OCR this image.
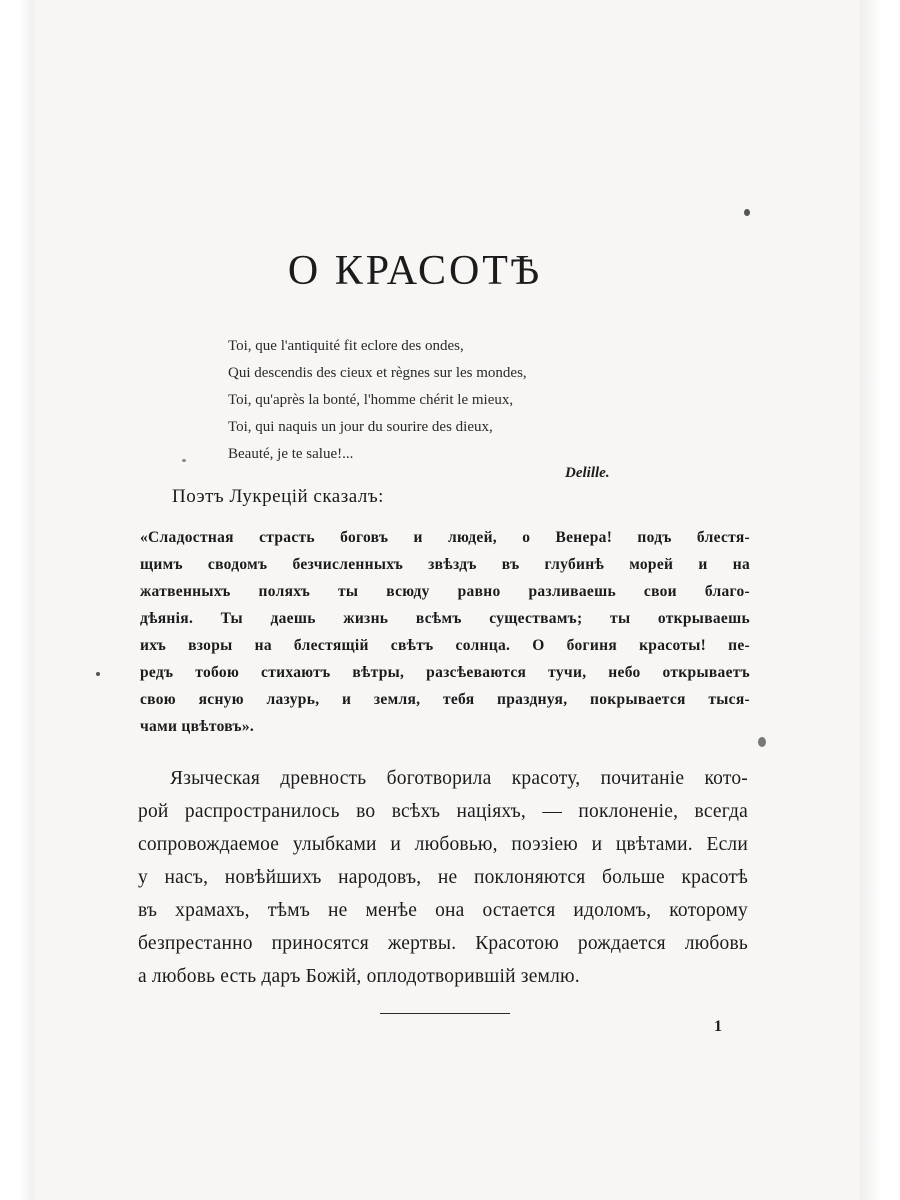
О КРАСОТѢ
Toi, que l'antiquité fit eclore des ondes,
Qui descendis des cieux et règnes sur les mondes,
Toi, qu'après la bonté, l'homme chérit le mieux,
Toi, qui naquis un jour du sourire des dieux,
Beauté, je te salue!...
Delille.
Поэтъ Лукрецій сказалъ:
«Сладостная страсть боговъ и людей, о Венера! подъ блестя-
щимъ сводомъ безчисленныхъ звѣздъ въ глубинѣ морей и на
жатвенныхъ поляхъ ты всюду равно разливаешь свои благо-
дѣянія. Ты даешь жизнь всѣмъ существамъ; ты открываешь
ихъ взоры на блестящій свѣтъ солнца. О богиня красоты! пе-
редъ тобою стихаютъ вѣтры, разсѣеваются тучи, небо открываетъ
свою ясную лазурь, и земля, тебя празднуя, покрывается тыся-
чами цвѣтовъ».
Языческая древность боготворила красоту, почитаніе кото-
рой распространилось во всѣхъ націяхъ, — поклоненіе, всегда
сопровождаемое улыбками и любовью, поэзіею и цвѣтами. Если
у насъ, новѣйшихъ народовъ, не поклоняются больше красотѣ
въ храмахъ, тѣмъ не менѣе она остается идоломъ, которому
безпрестанно приносятся жертвы. Красотою рождается любовь
а любовь есть даръ Божій, оплодотворившій землю.
1
